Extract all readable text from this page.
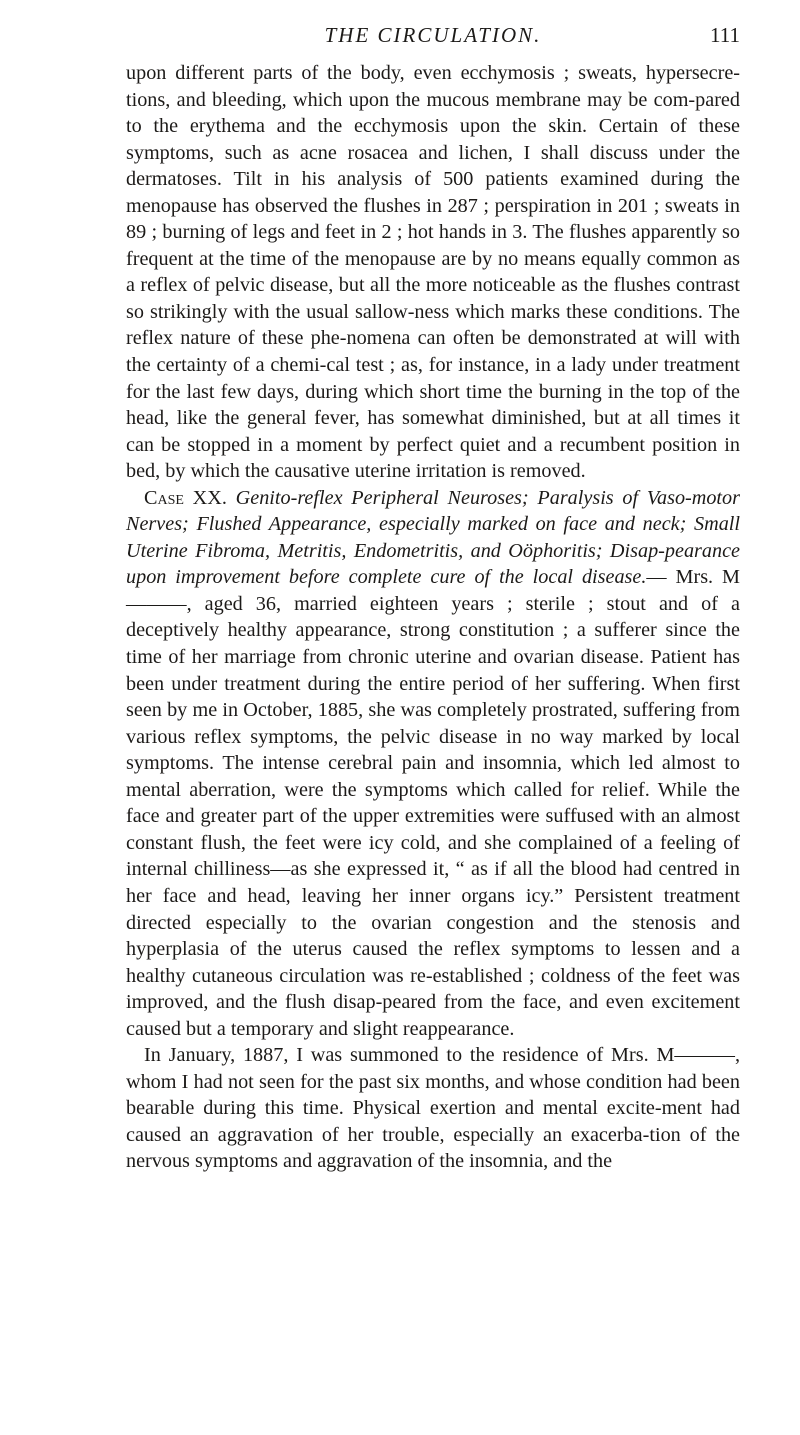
THE CIRCULATION.	111

upon different parts of the body, even ecchymosis ; sweats, hypersecre-tions, and bleeding, which upon the mucous membrane may be com-pared to the erythema and the ecchymosis upon the skin. Certain of these symptoms, such as acne rosacea and lichen, I shall discuss under the dermatoses. Tilt in his analysis of 500 patients examined during the menopause has observed the flushes in 287 ; perspiration in 201 ; sweats in 89 ; burning of legs and feet in 2 ; hot hands in 3. The flushes apparently so frequent at the time of the menopause are by no means equally common as a reflex of pelvic disease, but all the more noticeable as the flushes contrast so strikingly with the usual sallow-ness which marks these conditions. The reflex nature of these phe-nomena can often be demonstrated at will with the certainty of a chemi-cal test ; as, for instance, in a lady under treatment for the last few days, during which short time the burning in the top of the head, like the general fever, has somewhat diminished, but at all times it can be stopped in a moment by perfect quiet and a recumbent position in bed, by which the causative uterine irritation is removed.

Case XX. Genito-reflex Peripheral Neuroses; Paralysis of Vaso-motor Nerves; Flushed Appearance, especially marked on face and neck; Small Uterine Fibroma, Metritis, Endometritis, and Oöphoritis; Disap-pearance upon improvement before complete cure of the local disease.— Mrs. M———, aged 36, married eighteen years ; sterile ; stout and of a deceptively healthy appearance, strong constitution ; a sufferer since the time of her marriage from chronic uterine and ovarian disease. Patient has been under treatment during the entire period of her suffering. When first seen by me in October, 1885, she was completely prostrated, suffering from various reflex symptoms, the pelvic disease in no way marked by local symptoms. The intense cerebral pain and insomnia, which led almost to mental aberration, were the symptoms which called for relief. While the face and greater part of the upper extremities were suffused with an almost constant flush, the feet were icy cold, and she complained of a feeling of internal chilliness—as she expressed it, “ as if all the blood had centred in her face and head, leaving her inner organs icy.” Persistent treatment directed especially to the ovarian congestion and the stenosis and hyperplasia of the uterus caused the reflex symptoms to lessen and a healthy cutaneous circulation was re-established ; coldness of the feet was improved, and the flush disap-peared from the face, and even excitement caused but a temporary and slight reappearance.

In January, 1887, I was summoned to the residence of Mrs. M———, whom I had not seen for the past six months, and whose condition had been bearable during this time. Physical exertion and mental excite-ment had caused an aggravation of her trouble, especially an exacerba-tion of the nervous symptoms and aggravation of the insomnia, and the
